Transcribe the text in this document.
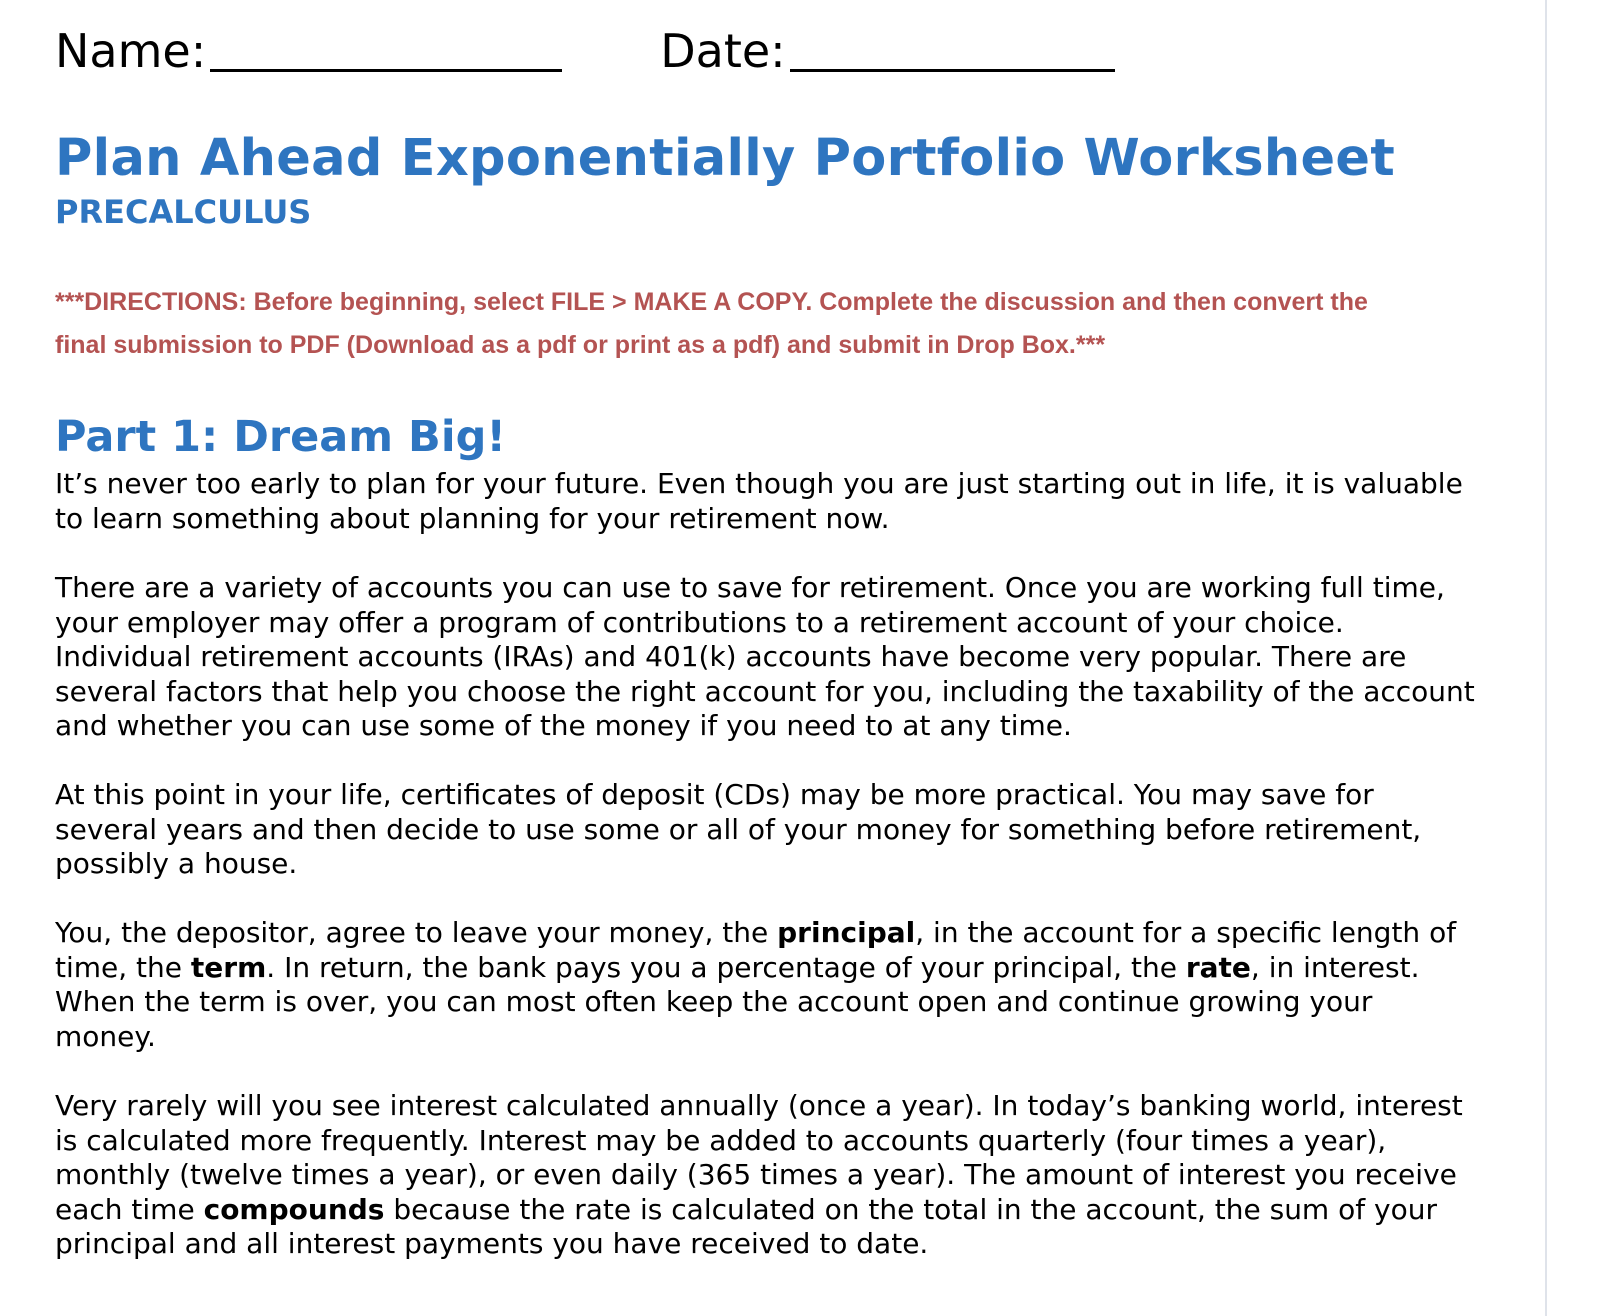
Name:	Date:
Plan Ahead Exponentially Portfolio Worksheet
PRECALCULUS

***DIRECTIONS: Before beginning, select FILE > MAKE A COPY. Complete the discussion and then convert the final submission to PDF (Download as a pdf or print as a pdf) and submit in Drop Box.***

Part 1: Dream Big!

It’s never too early to plan for your future. Even though you are just starting out in life, it is valuable to learn something about planning for your retirement now.

There are a variety of accounts you can use to save for retirement. Once you are working full time, your employer may offer a program of contributions to a retirement account of your choice. Individual retirement accounts (IRAs) and 401(k) accounts have become very popular. There are several factors that help you choose the right account for you, including the taxability of the account and whether you can use some of the money if you need to at any time.

At this point in your life, certificates of deposit (CDs) may be more practical. You may save for several years and then decide to use some or all of your money for something before retirement, possibly a house.

You, the depositor, agree to leave your money, the principal, in the account for a specific length of time, the term. In return, the bank pays you a percentage of your principal, the rate, in interest. When the term is over, you can most often keep the account open and continue growing your money.

Very rarely will you see interest calculated annually (once a year). In today’s banking world, interest is calculated more frequently. Interest may be added to accounts quarterly (four times a year), monthly (twelve times a year), or even daily (365 times a year). The amount of interest you receive each time compounds because the rate is calculated on the total in the account, the sum of your principal and all interest payments you have received to date.
